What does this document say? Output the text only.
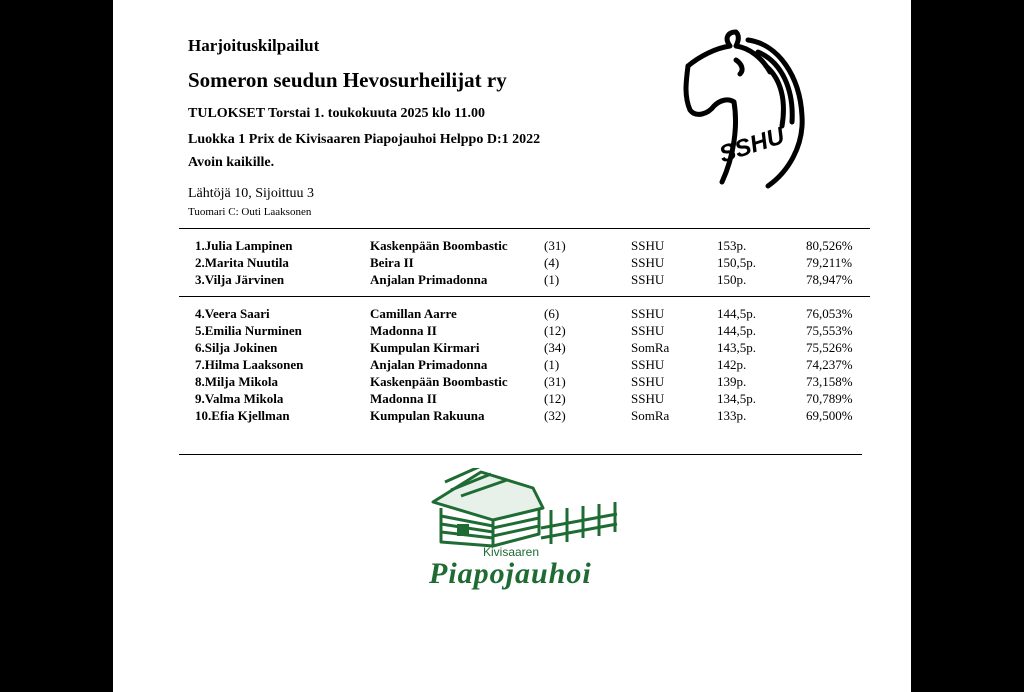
Harjoituskilpailut
Someron seudun Hevosurheilijat ry
TULOKSET Torstai 1. toukokuuta 2025 klo 11.00
Luokka 1 Prix de Kivisaaren Piapojauhoi Helppo D:1 2022
Avoin kaikille.
Lähtöjä 10, Sijoittuu 3
Tuomari C: Outi Laaksonen
SSHU
1.Julia Lampinen	Kaskenpään Boombastic	(31)	SSHU	153p.	80,526%
2.Marita Nuutila	Beira II	(4)	SSHU	150,5p.	79,211%
3.Vilja Järvinen	Anjalan Primadonna	(1)	SSHU	150p.	78,947%
4.Veera Saari	Camillan Aarre	(6)	SSHU	144,5p.	76,053%
5.Emilia Nurminen	Madonna II	(12)	SSHU	144,5p.	75,553%
6.Silja Jokinen	Kumpulan Kirmari	(34)	SomRa	143,5p.	75,526%
7.Hilma Laaksonen	Anjalan Primadonna	(1)	SSHU	142p.	74,237%
8.Milja Mikola	Kaskenpään Boombastic	(31)	SSHU	139p.	73,158%
9.Valma Mikola	Madonna II	(12)	SSHU	134,5p.	70,789%
10.Efia Kjellman	Kumpulan Rakuuna	(32)	SomRa	133p.	69,500%
Kivisaaren
Piapojauhoi
